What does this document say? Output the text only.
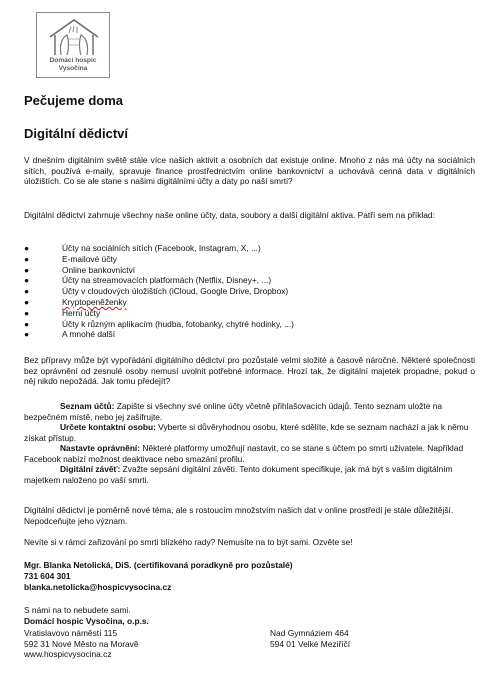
Domácí hospic
Vysočina
Pečujeme doma
Digitální dědictví

V dnešním digitálním světě stále více našich aktivit a osobních dat existuje online. Mnoho z nás má účty na sociálních sítích, používá e-maily, spravuje finance prostřednictvím online bankovnictví a uchovává cenná data v digitálních úložištích. Co se ale stane s našimi digitálními účty a daty po naší smrti?

Digitální dědictví zahrnuje všechny naše online účty, data, soubory a další digitální aktiva. Patří sem na příklad:

●	Účty na sociálních sítích (Facebook, Instagram, X, ...)
●	E-mailové účty
●	Online bankovnictví
●	Účty na streamovacích platformách (Netflix, Disney+, ...)
●	Účty v cloudových úložištích (iCloud, Google Drive, Dropbox)
●	Kryptopeněženky
●	Herní účty
●	Účty k různým aplikacím (hudba, fotobanky, chytré hodinky, ...)
●	A mnohé další

Bez přípravy může být vypořádání digitálního dědictví pro pozůstalé velmi složité a časově náročné. Některé společnosti bez oprávnění od zesnulé osoby nemusí uvolnit potřebné informace. Hrozí tak, že digitální majetek propadne, pokud o něj nikdo nepožádá. Jak tomu předejít?

Seznam účtů: Zapište si všechny své online účty včetně přihlašovacích údajů. Tento seznam uložte na bezpečném místě, nebo jej zašifrujte.
Určete kontaktní osobu: Vyberte si důvěryhodnou osobu, které sdělíte, kde se seznam nachází a jak k němu získat přístup.
Nastavte oprávnění: Některé platformy umožňují nastavit, co se stane s účtem po smrti uživatele. Například Facebook nabízí možnost deaktivace nebo smazání profilu.
Digitální závěť: Zvažte sepsání digitální závěti. Tento dokument specifikuje, jak má být s vaším digitálním majetkem naloženo po vaší smrti.

Digitální dědictví je poměrně nové téma, ale s rostoucím množstvím našich dat v online prostředí je stále důležitější. Nepodceňujte jeho význam.

Nevíte si v rámci zařizování po smrti blízkého rady? Nemusíte na to být sami. Ozvěte se!

Mgr. Blanka Netolická, DiS. (certifikovaná poradkyně pro pozůstalé)

731 604 301

blanka.netolicka@hospicvysocina.cz

S námi na to nebudete sami.

Domácí hospic Vysočina, o.p.s.

Vratislavovo náměstí 115
592 31 Nové Město na Moravě
www.hospicvysocina.cz
Nad Gymnáziem 464
594 01 Velké Meziříčí
